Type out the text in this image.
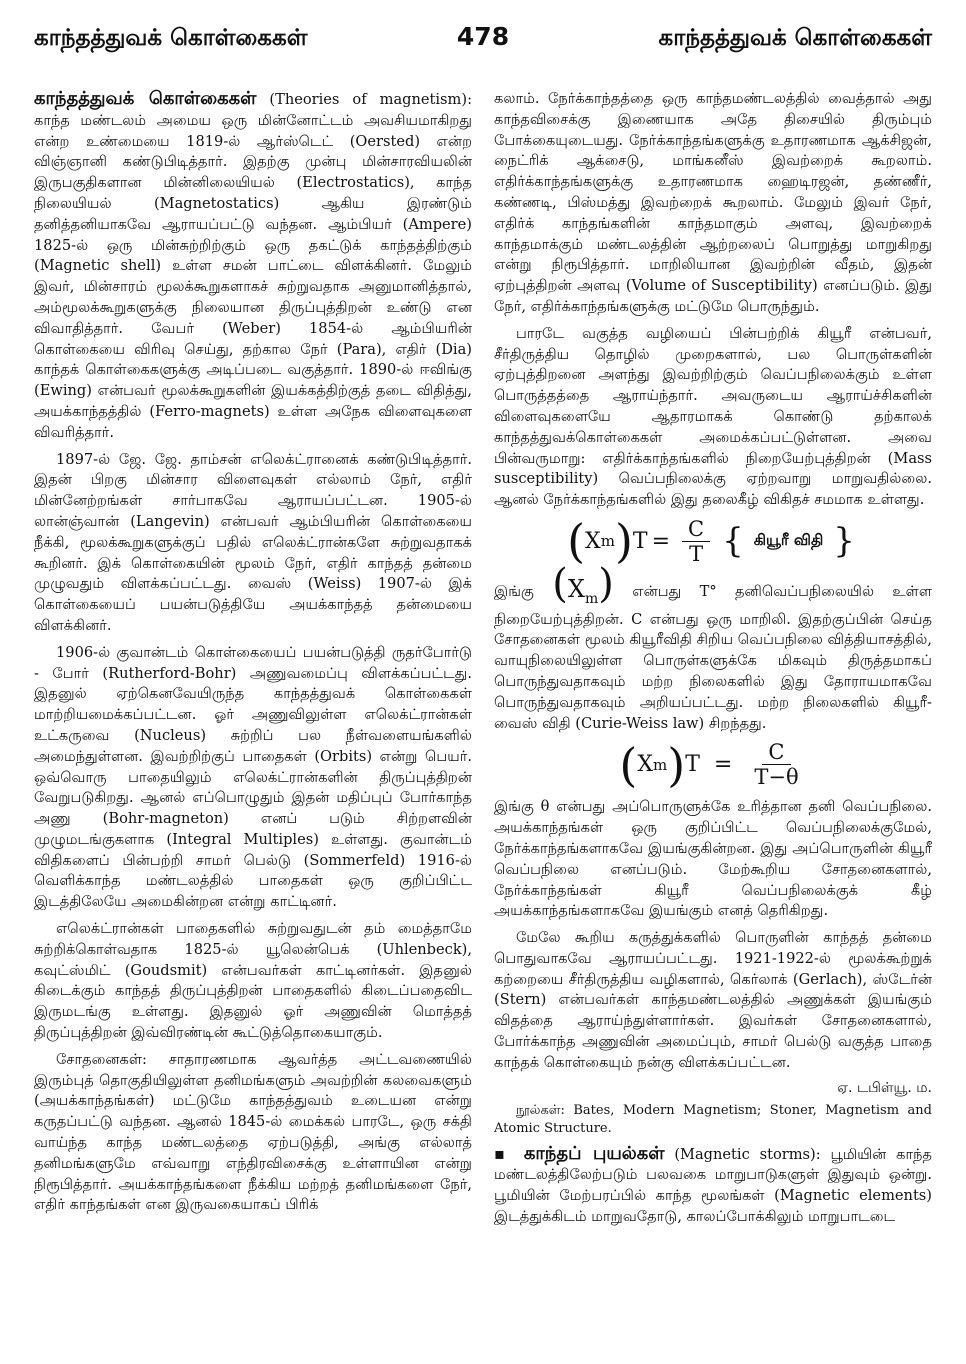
காந்தத்துவக் கொள்கைகள்	478	காந்தத்துவக் கொள்கைகள்

காந்தத்துவக் கொள்கைகள் (Theories of magnetism): காந்த மண்டலம் அமைய ஒரு மின்னோட்டம் அவசியமாகிறது என்ற உண்மையை 1819-ல் ஆர்ஸ்டெட் (Oersted) என்ற விஞ்ஞானி கண்டுபிடித்தார். இதற்கு முன்பு மின்சாரவியலின் இருபகுதிகளான மின்னிலையியல் (Electrostatics), காந்த நிலையியல் (Magnetostatics) ஆகிய இரண்டும் தனித்தனியாகவே ஆராயப்பட்டு வந்தன. ஆம்பியர் (Ampere) 1825-ல் ஒரு மின்சுற்றிற்கும் ஒரு தகட்டுக் காந்தத்திற்கும் (Magnetic shell) உள்ள சமன் பாட்டை விளக்கினர். மேலும் இவர், மின்சாரம் மூலக்கூறுகளாகச் சுற்றுவதாக அனுமானித்தால், அம்மூலக்கூறுகளுக்கு நிலையான திருப்புத்திறன் உண்டு என விவாதித்தார். வேபர் (Weber) 1854-ல் ஆம்பியரின் கொள்கையை விரிவு செய்து, தற்கால நேர் (Para), எதிர் (Dia) காந்தக் கொள்கைகளுக்கு அடிப்படை வகுத்தார். 1890-ல் ஈவிங்கு (Ewing) என்பவர் மூலக்கூறுகளின் இயக்கத்திற்குத் தடை விதித்து, அயக்காந்தத்தில் (Ferro-magnets) உள்ள அநேக விளைவுகளை விவரித்தார்.

1897-ல் ஜே. ஜே. தாம்சன் எலெக்ட்ரானைக் கண்டுபிடித்தார். இதன் பிறகு மின்சார விளைவுகள் எல்லாம் நேர், எதிர் மின்னேற்றங்கள் சார்பாகவே ஆராயப்பட்டன. 1905-ல் லான்ஞ்வான் (Langevin) என்பவர் ஆம்பியரின் கொள்கையை நீக்கி, மூலக்கூறுகளுக்குப் பதில் எலெக்ட்ரான்களே சுற்றுவதாகக் கூறினர். இக் கொள்கையின் மூலம் நேர், எதிர் காந்தத் தன்மை முழுவதும் விளக்கப்பட்டது. வைஸ் (Weiss) 1907-ல் இக் கொள்கையைப் பயன்படுத்தியே அயக்காந்தத் தன்மையை விளக்கினர்.

1906-ல் குவான்டம் கொள்கையைப் பயன்படுத்தி ருதர்போர்டு - போர் (Rutherford-Bohr) அணுவமைப்பு விளக்கப்பட்டது. இதனுல் ஏற்கெனவேயிருந்த காந்தத்துவக் கொள்கைகள் மாற்றியமைக்கப்பட்டன. ஓர் அணுவிலுள்ள எலெக்ட்ரான்கள் உட்கருவை (Nucleus) சுற்றிப் பல நீள்வளையங்களில் அமைந்துள்ளன. இவற்றிற்குப் பாதைகள் (Orbits) என்று பெயர். ஒவ்வொரு பாதையிலும் எலெக்ட்ரான்களின் திருப்புத்திறன் வேறுபடுகிறது. ஆனல் எப்பொழுதும் இதன் மதிப்புப் போர்காந்த அணு (Bohr-magneton) எனப் படும் சிற்றளவின் முழுமடங்குகளாக (Integral Multiples) உள்ளது. குவான்டம் விதிகளைப் பின்பற்றி சாமர் பெல்டு (Sommerfeld) 1916-ல் வெளிக்காந்த மண்டலத்தில் பாதைகள் ஒரு குறிப்பிட்ட இடத்திலேயே அமைகின்றன என்று காட்டினர்.

எலெக்ட்ரான்கள் பாதைகளில் சுற்றுவதுடன் தம் மைத்தாமே சுற்றிக்கொள்வதாக 1825-ல் யூலென்பெக் (Uhlenbeck), கவுட்ஸ்மிட் (Goudsmit) என்பவர்கள் காட்டினர்கள். இதனுல் கிடைக்கும் காந்தத் திருப்புத்திறன் பாதைகளில் கிடைப்பதைவிட இருமடங்கு உள்ளது. இதனுல் ஓர் அணுவின் மொத்தத் திருப்புத்திறன் இவ்விரண்டின் கூட்டுத்தொகையாகும்.

சோதனைகள்: சாதாரணமாக ஆவர்த்த அட்டவணையில் இரும்புத் தொகுதியிலுள்ள தனிமங்களும் அவற்றின் கலவைகளும் (அயக்காந்தங்கள்) மட்டுமே காந்தத்துவம் உடையன என்று கருதப்பட்டு வந்தன. ஆனல் 1845-ல் மைக்கல் பாரடே, ஒரு சக்தி வாய்ந்த காந்த மண்டலத்தை ஏற்படுத்தி, அங்கு எல்லாத் தனிமங்களுமே எவ்வாறு எந்திரவிசைக்கு உள்ளாயின என்று நிரூபித்தார். அயக்காந்தங்களை நீக்கிய மற்றத் தனிமங்களை நேர், எதிர் காந்தங்கள் என இருவகையாகப் பிரிக்

கலாம். நேர்க்காந்தத்தை ஒரு காந்தமண்டலத்தில் வைத்தால் அது காந்தவிசைக்கு இணையாக அதே திசையில் திரும்பும் போக்கையுடையது. நேர்க்காந்தங்களுக்கு உதாரணமாக ஆக்சிஜன், நைட்ரிக் ஆக்சைடு, மாங்கனீஸ் இவற்றைக் கூறலாம். எதிர்க்காந்தங்களுக்கு உதாரணமாக ஹைடிரஜன், தண்ணீர், கண்ணடி, பிஸ்மத்து இவற்றைக் கூறலாம். மேலும் இவர் நேர், எதிர்க் காந்தங்களின் காந்தமாகும் அளவு, இவற்றைக் காந்தமாக்கும் மண்டலத்தின் ஆற்றலைப் பொறுத்து மாறுகிறது என்று நிரூபித்தார். மாறிலியான இவற்றின் வீதம், இதன் ஏற்புத்திறன் அளவு (Volume of Susceptibility) எனப்படும். இது நேர், எதிர்க்காந்தங்களுக்கு மட்டுமே பொருந்தும்.

பாரடே வகுத்த வழியைப் பின்பற்றிக் கியூரீ என்பவர், சீர்திருத்திய தொழில் முறைகளால், பல பொருள்களின் ஏற்புத்திறனை அளந்து இவற்றிற்கும் வெப்பநிலைக்கும் உள்ள பொருத்தத்தை ஆராய்ந்தார். அவருடைய ஆராய்ச்சிகளின் விளைவுகளையே ஆதாரமாகக் கொண்டு தற்காலக் காந்தத்துவக்கொள்கைகள் அமைக்கப்பட்டுள்ளன. அவை பின்வருமாறு: எதிர்க்காந்தங்களில் நிறையேற்புத்திறன் (Mass susceptibility) வெப்பநிலைக்கு ஏற்றவாறு மாறுவதில்லை. ஆனல் நேர்க்காந்தங்களில் இது தலைகீழ் விகிதச் சமமாக உள்ளது.

( X m ) $T = \frac{C}{T}$ { கியூரீ விதி }

இங்கு $(X_m)$ என்பது T° தனிவெப்பநிலையில் உள்ள நிறையேற்புத்திறன். C என்பது ஒரு மாறிலி. இதற்குப்பின் செய்த சோதனைகள் மூலம் கியூரீவிதி சிறிய வெப்பநிலை வித்தியாசத்தில், வாயுநிலையிலுள்ள பொருள்களுக்கே மிகவும் திருத்தமாகப் பொருந்துவதாகவும் மற்ற நிலைகளில் இது தோராயமாகவே பொருந்துவதாகவும் அறியப்பட்டது. மற்ற நிலைகளில் கியூரீ-வைஸ் விதி (Curie-Weiss law) சிறந்தது.

( X m ) $T = \frac{C}{T-\theta}$

இங்கு θ என்பது அப்பொருளுக்கே உரித்தான தனி வெப்பநிலை. அயக்காந்தங்கள் ஒரு குறிப்பிட்ட வெப்பநிலைக்குமேல், நேர்க்காந்தங்களாகவே இயங்குகின்றன. இது அப்பொருளின் கியூரீ வெப்பநிலை எனப்படும். மேற்கூறிய சோதனைகளால், நேர்க்காந்தங்கள் கியூரீ வெப்பநிலைக்குக் கீழ் அயக்காந்தங்களாகவே இயங்கும் எனத் தெரிகிறது.

மேலே கூறிய கருத்துக்களில் பொருளின் காந்தத் தன்மை பொதுவாகவே ஆராயப்பட்டது. 1921-1922-ல் மூலக்கூற்றுக் கற்றையை சீர்திருத்திய வழிகளால், கெர்லாக் (Gerlach), ஸ்டேர்ன் (Stern) என்பவர்கள் காந்தமண்டலத்தில் அணுக்கள் இயங்கும் விதத்தை ஆராய்ந்துள்ளார்கள். இவர்கள் சோதனைகளால், போர்க்காந்த அணுவின் அமைப்பும், சாமர் பெல்டு வகுத்த பாதை காந்தக் கொள்கையும் நன்கு விளக்கப்பட்டன.

ஏ. டபிள்யூ. ம.

நூல்கள்: Bates, Modern Magnetism; Stoner, Magnetism and Atomic Structure.

▪ காந்தப் புயல்கள் (Magnetic storms): பூமியின் காந்த மண்டலத்திலேற்படும் பலவகை மாறுபாடுகளுள் இதுவும் ஒன்று. பூமியின் மேற்பரப்பில் காந்த மூலங்கள் (Magnetic elements) இடத்துக்கிடம் மாறுவதோடு, காலப்போக்கிலும் மாறுபாடடை
